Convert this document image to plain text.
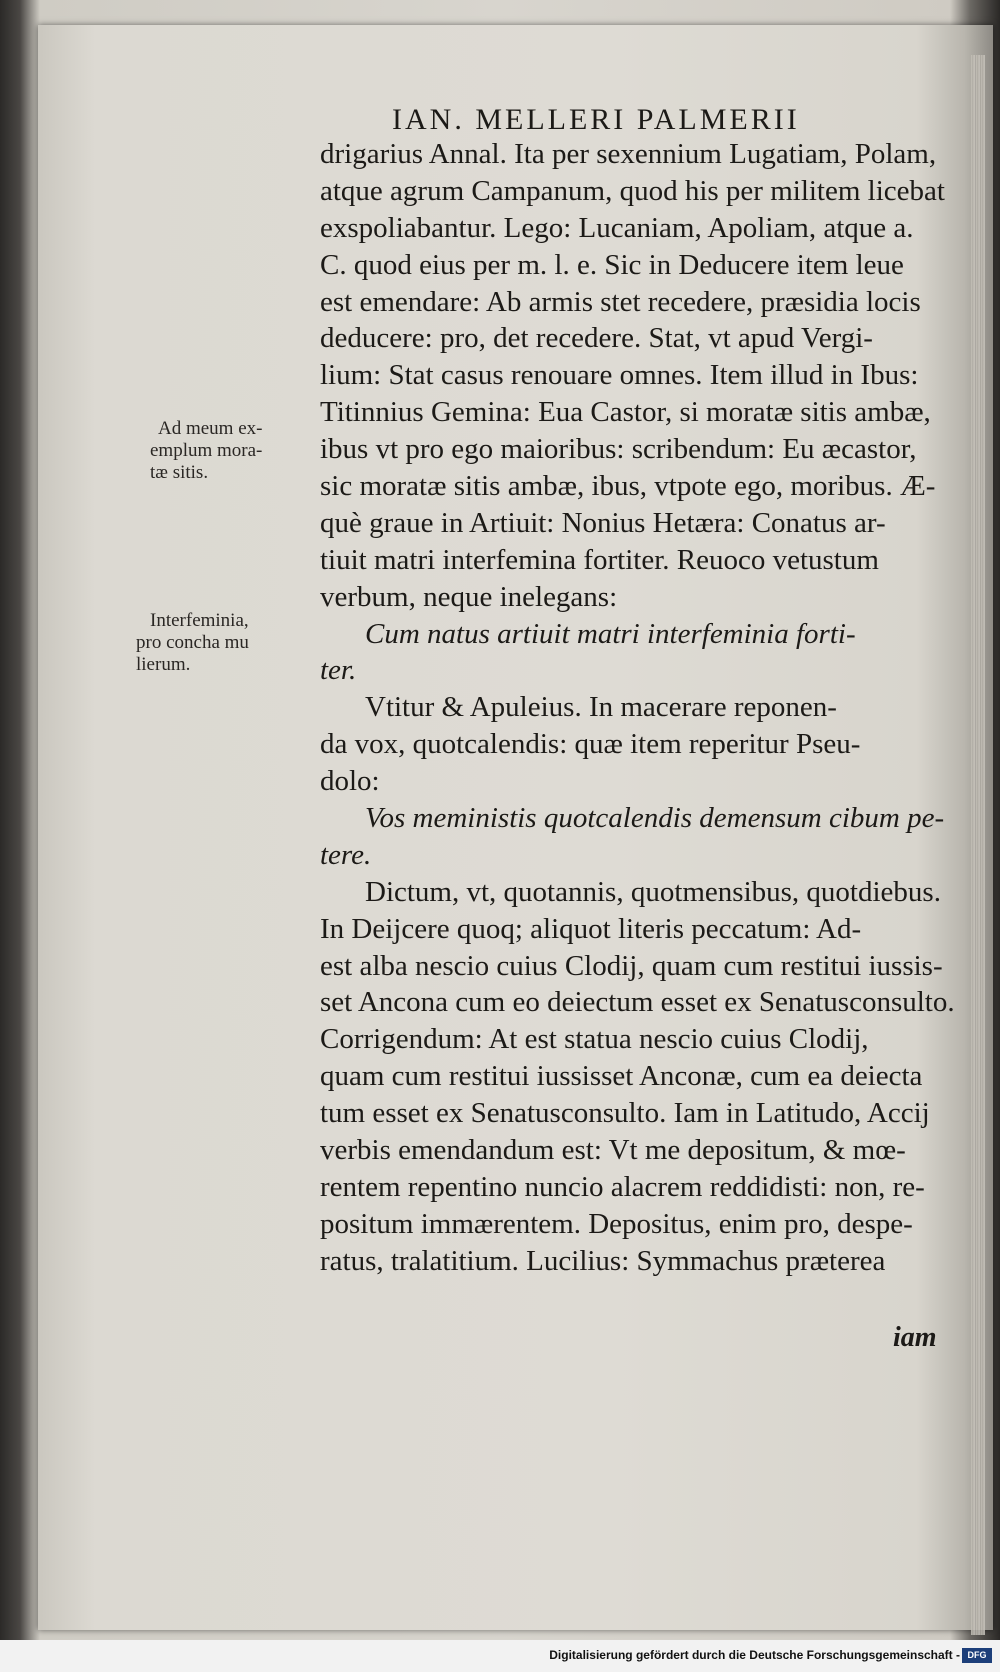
IAN. MELLERI PALMERII
drigarius Annal. Ita per sexennium Lugatiam, Polam,
atque agrum Campanum, quod his per militem licebat
exspoliabantur. Lego: Lucaniam, Apoliam, atque a.
C. quod eius per m. l. e. Sic in Deducere item leue
est emendare: Ab armis stet recedere, præsidia locis
deducere: pro, det recedere. Stat, vt apud Vergi-
lium: Stat casus renouare omnes. Item illud in Ibus:
Titinnius Gemina: Eua Castor, si moratæ sitis ambæ,
ibus vt pro ego maioribus: scribendum: Eu æcastor,
sic moratæ sitis ambæ, ibus, vtpote ego, moribus. Æ-
què graue in Artiuit: Nonius Hetæra: Conatus ar-
tiuit matri interfemina fortiter. Reuoco vetustum
verbum, neque inelegans:
Cum natus artiuit matri interfeminia forti-
ter.
Vtitur & Apuleius. In macerare reponen-
da vox, quotcalendis: quæ item reperitur Pseu-
dolo:
Vos meministis quotcalendis demensum cibum pe-
tere.
Dictum, vt, quotannis, quotmensibus, quotdiebus.
In Deijcere quoq; aliquot literis peccatum: Ad-
est alba nescio cuius Clodij, quam cum restitui iussis-
set Ancona cum eo deiectum esset ex Senatusconsulto.
Corrigendum: At est statua nescio cuius Clodij,
quam cum restitui iussisset Anconæ, cum ea deiecta
tum esset ex Senatusconsulto. Iam in Latitudo, Accij
verbis emendandum est: Vt me depositum, & mœ-
rentem repentino nuncio alacrem reddidisti: non, re-
positum immærentem. Depositus, enim pro, despe-
ratus, tralatitium. Lucilius: Symmachus præterea
iam
Ad meum ex-
emplum mora-
tæ sitis.
Interfeminia,
pro concha mu
lierum.
Digitalisierung gefördert durch die Deutsche Forschungsgemeinschaft - DFG
